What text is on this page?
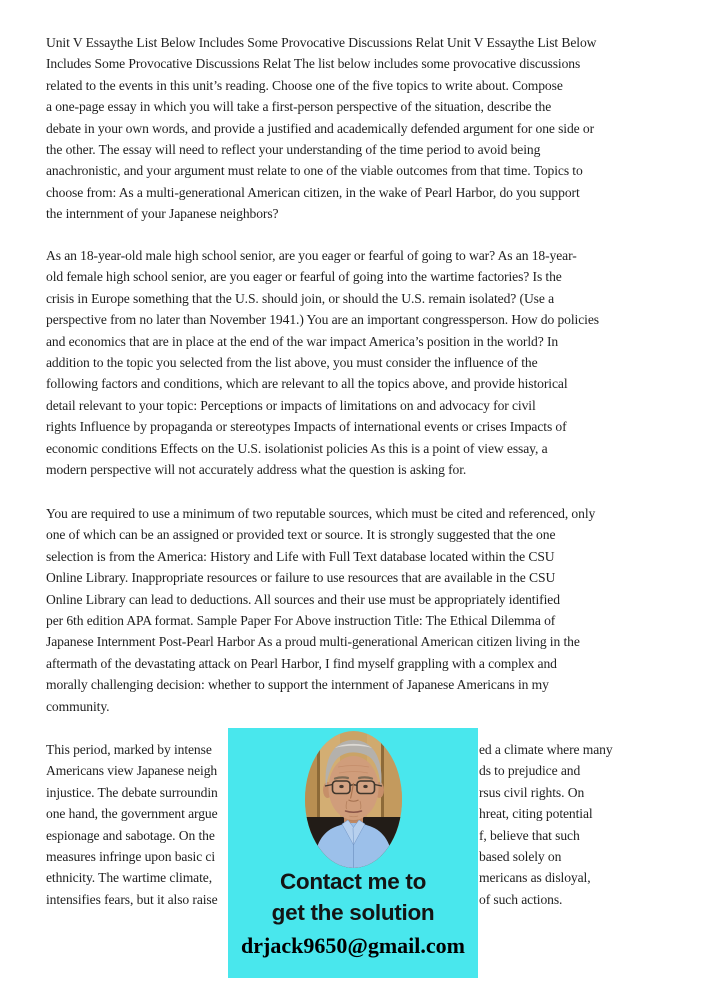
Unit V Essaythe List Below Includes Some Provocative Discussions Relat Unit V Essaythe List Below
Includes Some Provocative Discussions Relat The list below includes some provocative discussions
related to the events in this unit’s reading. Choose one of the five topics to write about. Compose
a one-page essay in which you will take a first-person perspective of the situation, describe the
debate in your own words, and provide a justified and academically defended argument for one side or
the other. The essay will need to reflect your understanding of the time period to avoid being
anachronistic, and your argument must relate to one of the viable outcomes from that time. Topics to
choose from: As a multi-generational American citizen, in the wake of Pearl Harbor, do you support
the internment of your Japanese neighbors?
As an 18-year-old male high school senior, are you eager or fearful of going to war? As an 18-year-
old female high school senior, are you eager or fearful of going into the wartime factories? Is the
crisis in Europe something that the U.S. should join, or should the U.S. remain isolated? (Use a
perspective from no later than November 1941.) You are an important congressperson. How do policies
and economics that are in place at the end of the war impact America’s position in the world? In
addition to the topic you selected from the list above, you must consider the influence of the
following factors and conditions, which are relevant to all the topics above, and provide historical
detail relevant to your topic: Perceptions or impacts of limitations on and advocacy for civil
rights Influence by propaganda or stereotypes Impacts of international events or crises Impacts of
economic conditions Effects on the U.S. isolationist policies As this is a point of view essay, a
modern perspective will not accurately address what the question is asking for.
You are required to use a minimum of two reputable sources, which must be cited and referenced, only
one of which can be an assigned or provided text or source. It is strongly suggested that the one
selection is from the America: History and Life with Full Text database located within the CSU
Online Library. Inappropriate resources or failure to use resources that are available in the CSU
Online Library can lead to deductions. All sources and their use must be appropriately identified
per 6th edition APA format. Sample Paper For Above instruction Title: The Ethical Dilemma of
Japanese Internment Post-Pearl Harbor As a proud multi-generational American citizen living in the
aftermath of the devastating attack on Pearl Harbor, I find myself grappling with a complex and
morally challenging decision: whether to support the internment of Japanese Americans in my
community.
This period, marked by intense	ed a climate where many
Americans view Japanese neigh	ds to prejudice and
injustice. The debate surroundin	rsus civil rights. On
one hand, the government argue	hreat, citing potential
espionage and sabotage. On the	f, believe that such
measures infringe upon basic ci	based solely on
ethnicity. The wartime climate,	mericans as disloyal,
intensifies fears, but it also raise	of such actions.
Contact me to
get the solution
drjack9650@gmail.com
